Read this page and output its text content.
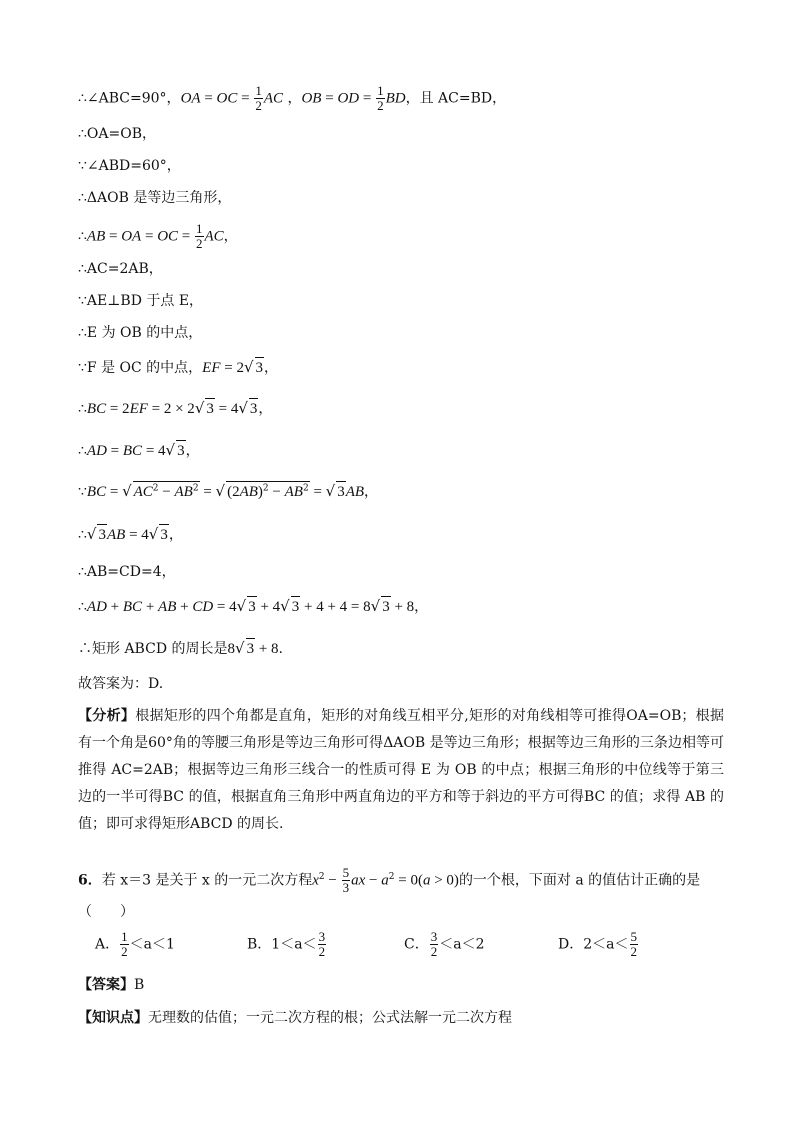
∴∠ABC=90°，OA = OC = $\frac{1}{2}$ AC ，OB = OD = $\frac{1}{2}$ BD，且 AC=BD，
∴OA=OB，
∵∠ABD=60°，
∴ΔAOB 是等边三角形，
∴AB = OA = OC = $\frac{1}{2}$ AC，
∴AC=2AB，
∵AE⊥BD 于点 E，
∴E 为 OB 的中点，
∵F 是 OC 的中点，EF = 2√ 3，
∴BC = 2EF = 2 × 2√ 3 = 4√ 3，
∴AD = BC = 4√ 3，
∵BC = √ $AC^2 - AB^2$ = √ $(2AB)^2 - AB^2$ = √ 3AB，
∴√ 3AB = 4√ 3，
∴AB=CD=4，
∴AD + BC + AB + CD = 4√ 3 + 4√ 3 + 4 + 4 = 8√ 3 + 8，
∴矩形 ABCD 的周长是8√ 3 + 8.
故答案为：D.
【分析】根据矩形的四个角都是直角，矩形的对角线互相平分,矩形的对角线相等可推得OA=OB；根据有一个角是60°角的等腰三角形是等边三角形可得ΔAOB 是等边三角形；根据等边三角形的三条边相等可推得 AC=2AB；根据等边三角形三线合一的性质可得 E 为 OB 的中点；根据三角形的中位线等于第三边的一半可得BC 的值，根据直角三角形中两直角边的平方和等于斜边的平方可得BC 的值；求得 AB 的值；即可求得矩形ABCD 的周长.
6．若 x＝3 是关于 x 的一元二次方程$x^2 - \frac{5}{3}$ ax − $a^2 = 0(a > 0)$的一个根，下面对 a 的值估计正确的是
（　　）
A． $\frac{1}{2} <a<1$	B．$1<a< \frac{3}{2}$	C． $\frac{3}{2} <a<2$	D．$2<a< \frac{5}{2}$
【答案】B
【知识点】无理数的估值；一元二次方程的根；公式法解一元二次方程
